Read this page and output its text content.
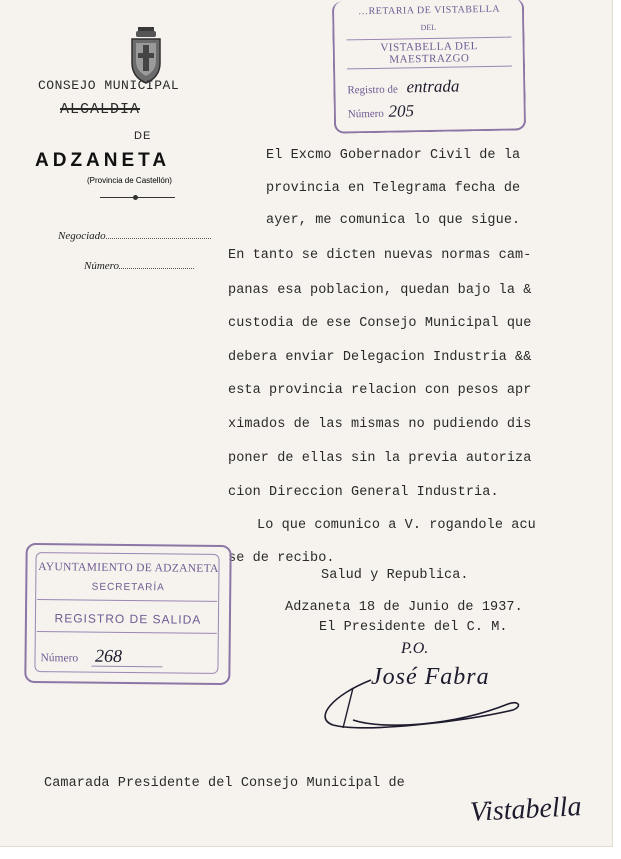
CONSEJO MUNICIPAL
ALCALDIA
DE
ADZANETA
(Provincia de Castellón)
Negociado
Número
…RETARIA DE VISTABELLA
DEL
VISTABELLA DEL MAESTRAZGO
Registro de entrada
Número 205
El Excmo Gobernador Civil de la
provincia en Telegrama fecha de
ayer, me comunica lo que sigue.
En tanto se dicten nuevas normas cam-
panas esa poblacion, quedan bajo la &
custodia de ese Consejo Municipal que
debera enviar Delegacion Industria &&
esta provincia relacion con pesos apr
ximados de las mismas no pudiendo dis
poner de ellas sin la previa autoriza
cion Direccion General Industria.
Lo que comunico a V. rogandole acu
se de recibo.
Salud y Republica.
Adzaneta 18 de Junio de 1937.
El Presidente del C. M.
AYUNTAMIENTO DE ADZANETA
SECRETARÍA
REGISTRO DE SALIDA
Número 268	P.O.
José Fabra
Camarada Presidente del Consejo Municipal de
Vistabella
